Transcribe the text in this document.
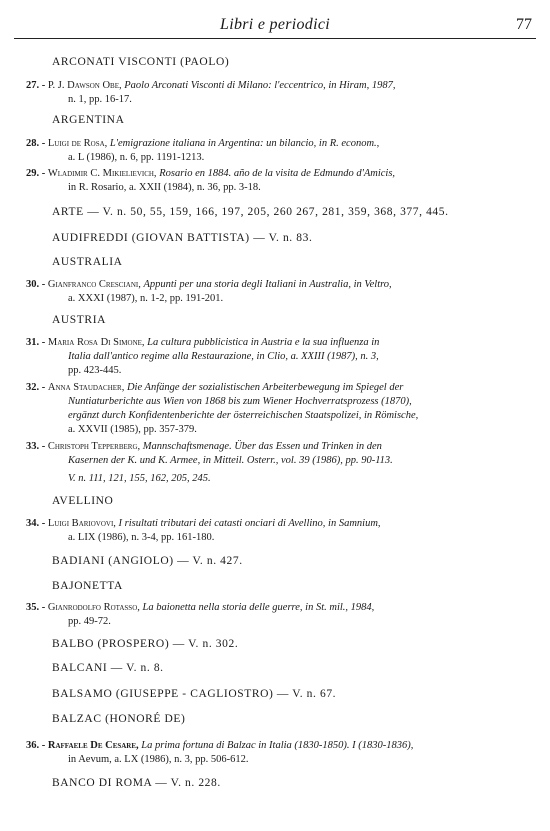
Libri e periodici	77
ARCONATI VISCONTI (PAOLO)
27. - P. J. Dawson Obe, Paolo Arconati Visconti di Milano: l'eccentrico, in Hiram, 1987,
n. 1, pp. 16-17.
ARGENTINA
28. - Luigi de Rosa, L'emigrazione italiana in Argentina: un bilancio, in R. econom.,
a. L (1986), n. 6, pp. 1191-1213.
29. - Wladimir C. Mikielievich, Rosario en 1884. año de la visita de Edmundo d'Amicis,
in R. Rosario, a. XXII (1984), n. 36, pp. 3-18.
ARTE — V. n. 50, 55, 159, 166, 197, 205, 260 267, 281, 359, 368, 377, 445.
AUDIFREDDI (GIOVAN BATTISTA) — V. n. 83.
AUSTRALIA
30. - Gianfranco Cresciani, Appunti per una storia degli Italiani in Australia, in Veltro,
a. XXXI (1987), n. 1-2, pp. 191-201.
AUSTRIA
31. - Maria Rosa Di Simone, La cultura pubblicistica in Austria e la sua influenza in
Italia dall'antico regime alla Restaurazione, in Clio, a. XXIII (1987), n. 3,
pp. 423-445.
32. - Anna Staudacher, Die Anfänge der sozialistischen Arbeiterbewegung im Spiegel der
Nuntiaturberichte aus Wien von 1868 bis zum Wiener Hochverratsprozess (1870),
ergänzt durch Konfidentenberichte der österreichischen Staatspolizei, in Römische,
a. XXVII (1985), pp. 357-379.
33. - Christoph Tepperberg, Mannschaftsmenage. Über das Essen und Trinken in den
Kasernen der K. und K. Armee, in Mitteil. Osterr., vol. 39 (1986), pp. 90-113.
V. n. 111, 121, 155, 162, 205, 245.
AVELLINO
34. - Luigi Bariovovi, I risultati tributari dei catasti onciari di Avellino, in Samnium,
a. LIX (1986), n. 3-4, pp. 161-180.
BADIANI (ANGIOLO) — V. n. 427.
BAJONETTA
35. - Gianrodolfo Rotasso, La baionetta nella storia delle guerre, in St. mil., 1984,
pp. 49-72.
BALBO (PROSPERO) — V. n. 302.
BALCANI — V. n. 8.
BALSAMO (GIUSEPPE - CAGLIOSTRO) — V. n. 67.
BALZAC (HONORÉ DE)
36. - Raffaele De Cesare, La prima fortuna di Balzac in Italia (1830-1850). I (1830-1836),
in Aevum, a. LX (1986), n. 3, pp. 506-612.
BANCO DI ROMA — V. n. 228.
